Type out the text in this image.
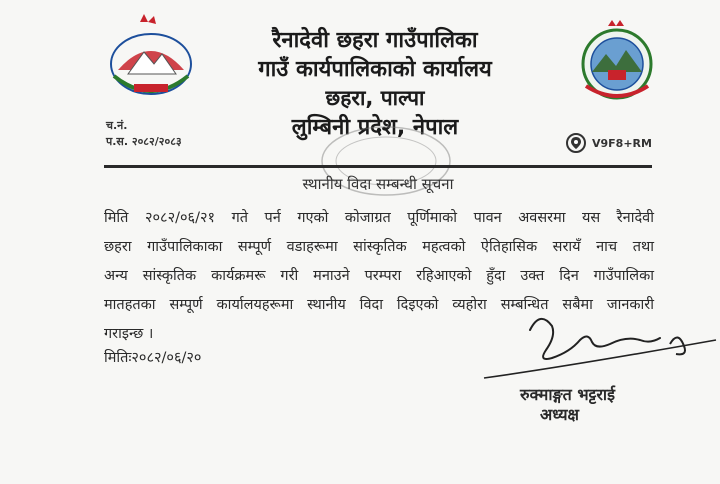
रैनादेवी छहरा गाउँपालिका
गाउँ कार्यपालिकाको कार्यालय
छहरा, पाल्पा
लुम्बिनी प्रदेश, नेपाल
च.नं.
प.स. २०८२/२०८३	V9F8+RM
स्थानीय विदा सम्बन्धी सूचना
मिति २०८२/०६/२१ गते पर्न गएको कोजाग्रत पूर्णिमाको पावन अवसरमा यस रैनादेवी
छहरा गाउँपालिकाका सम्पूर्ण वडाहरूमा सांस्कृतिक महत्वको ऐतिहासिक सरायँ नाच तथा
अन्य सांस्कृतिक कार्यक्रमरू गरी मनाउने परम्परा रहिआएको हुँदा उक्त दिन गाउँपालिका
मातहतका सम्पूर्ण कार्यालयहरूमा स्थानीय विदा दिइएको व्यहोरा सम्बन्धित सबैमा जानकारी
गराइन्छ ।
मितिः२०८२/०६/२०
रुक्माङ्गत भट्टराई
अध्यक्ष
